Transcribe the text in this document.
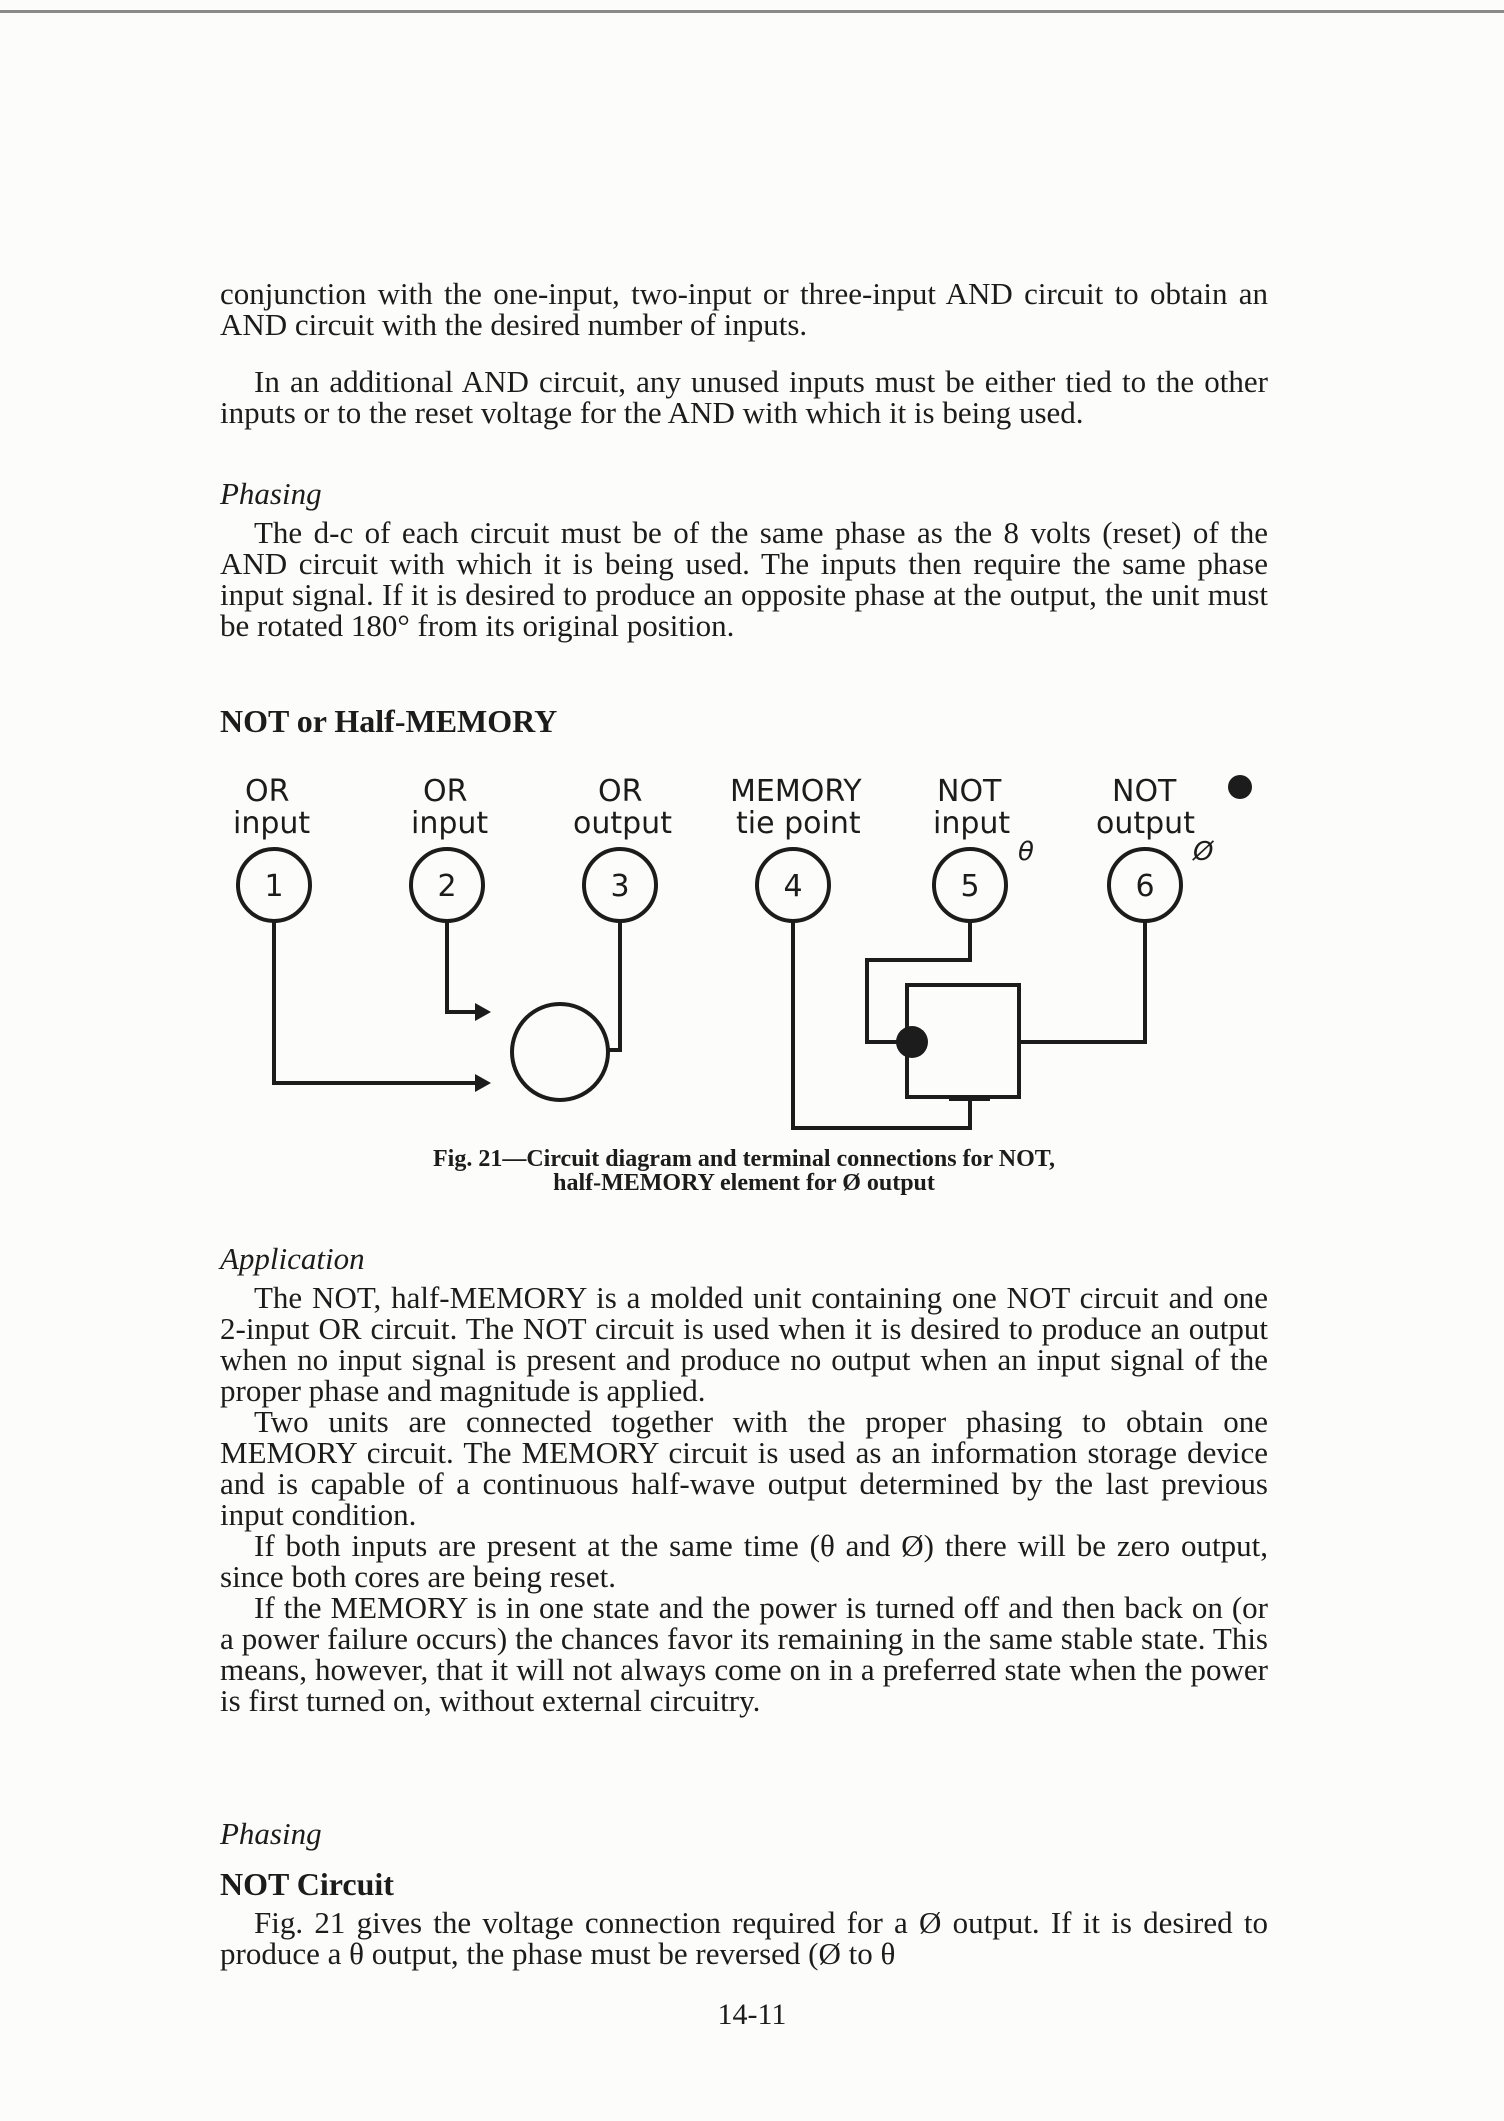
conjunction with the one-input, two-input or three-input AND circuit to obtain an AND circuit with the desired number of inputs.

In an additional AND circuit, any unused inputs must be either tied to the other inputs or to the reset voltage for the AND with which it is being used.

Phasing

The d-c of each circuit must be of the same phase as the 8 volts (reset) of the AND circuit with which it is being used. The inputs then require the same phase input signal. If it is desired to produce an opposite phase at the output, the unit must be rotated 180° from its original position.

NOT or Half-MEMORY

OR
input
OR
input
OR
output
MEMORY
tie point
NOT
input
NOT
output
θ	Ø
1	2	3	4	5	6

Fig. 21—Circuit diagram and terminal connections for NOT,
half-MEMORY element for Ø output

Application

The NOT, half-MEMORY is a molded unit containing one NOT circuit and one 2-input OR circuit. The NOT circuit is used when it is desired to produce an output when no input signal is present and produce no output when an input signal of the proper phase and magnitude is applied.

Two units are connected together with the proper phasing to obtain one MEMORY circuit. The MEMORY circuit is used as an information storage device and is capable of a continuous half-wave output determined by the last previous input condition.

If both inputs are present at the same time (θ and Ø) there will be zero output, since both cores are being reset.

If the MEMORY is in one state and the power is turned off and then back on (or a power failure occurs) the chances favor its remaining in the same stable state. This means, however, that it will not always come on in a preferred state when the power is first turned on, without external circuitry.

Phasing

NOT Circuit

Fig. 21 gives the voltage connection required for a Ø output. If it is desired to produce a θ output, the phase must be reversed (Ø to θ

14-11
